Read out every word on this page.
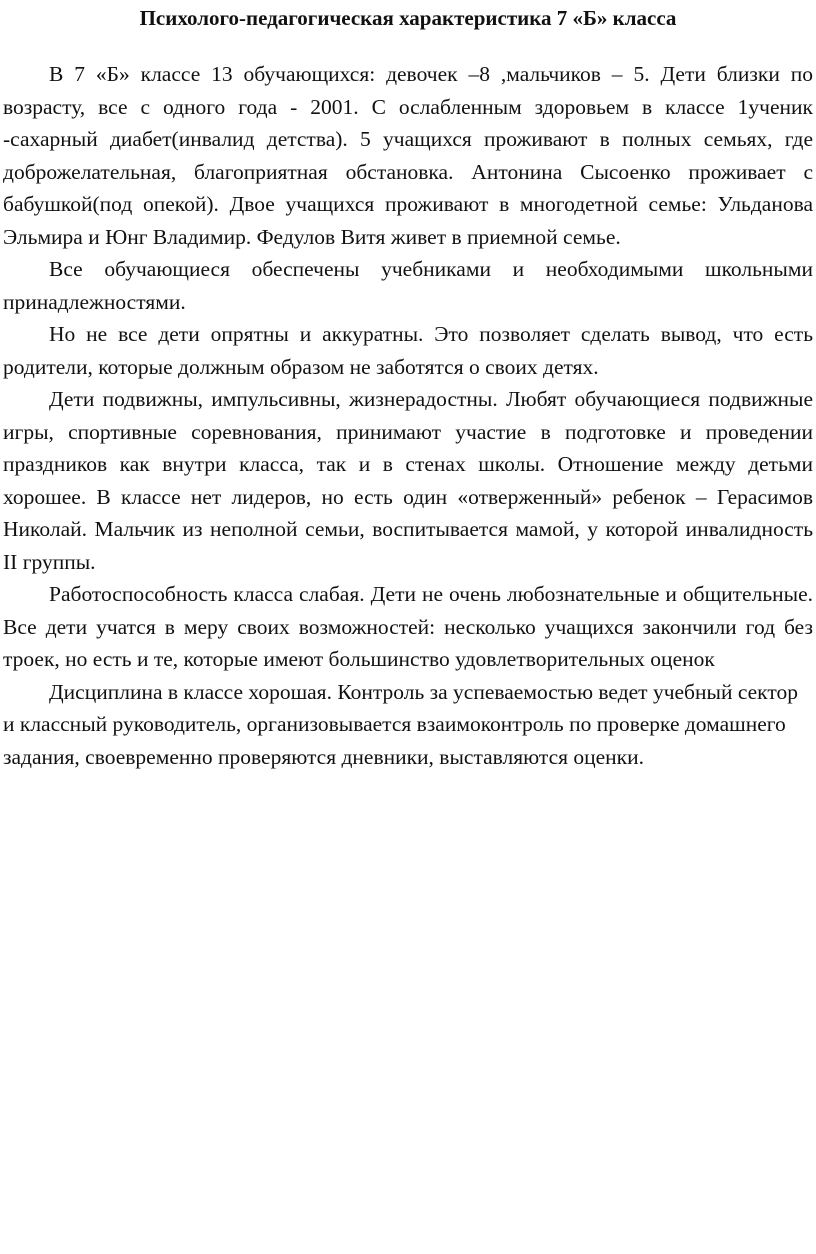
Психолого-педагогическая характеристика 7 «Б» класса

В 7 «Б» классе 13 обучающихся: девочек –8 ,мальчиков – 5. Дети близки по возрасту, все с одного года - 2001. С ослабленным здоровьем в классе 1ученик -сахарный диабет(инвалид детства). 5 учащихся проживают в полных семьях, где доброжелательная, благоприятная обстановка. Антонина Сысоенко проживает с бабушкой(под опекой). Двое учащихся проживают в многодетной семье: Ульданова Эльмира и Юнг Владимир. Федулов Витя живет в приемной семье.

Все обучающиеся обеспечены учебниками и необходимыми школьными принадлежностями.

Но не все дети опрятны и аккуратны. Это позволяет сделать вывод, что есть родители, которые должным образом не заботятся о своих детях.

Дети подвижны, импульсивны, жизнерадостны. Любят обучающиеся подвижные игры, спортивные соревнования, принимают участие в подготовке и проведении праздников как внутри класса, так и в стенах школы. Отношение между детьми хорошее. В классе нет лидеров, но есть один «отверженный» ребенок – Герасимов Николай. Мальчик из неполной семьи, воспитывается мамой, у которой инвалидность II группы.

Работоспособность класса слабая. Дети не очень любознательные и общительные. Все дети учатся в меру своих возможностей: несколько учащихся закончили год без троек, но есть и те, которые имеют большинство удовлетворительных оценок

Дисциплина в классе хорошая. Контроль за успеваемостью ведет учебный сектор и классный руководитель, организовывается взаимоконтроль по проверке домашнего задания, своевременно проверяются дневники, выставляются оценки.
